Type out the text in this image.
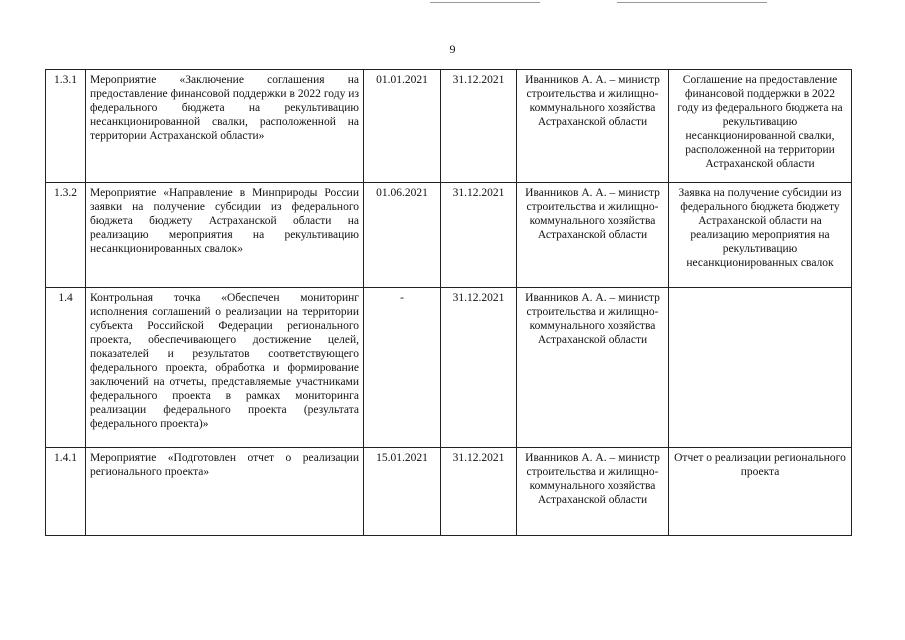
9
1.3.1	Мероприятие «Заключение соглашения на предоставление финансовой поддержки в 2022 году из федерального бюджета на рекультивацию несанкционированной свалки, расположенной на территории Астраханской области»	01.01.2021	31.12.2021	Иванников А. А. – министр строительства и жилищно-коммунального хозяйства Астраханской области	Соглашение на предоставление финансовой поддержки в 2022 году из федерального бюджета на рекультивацию несанкционированной свалки, расположенной на территории Астраханской области
1.3.2	Мероприятие «Направление в Минприроды России заявки на получение субсидии из федерального бюджета бюджету Астраханской области на реализацию мероприятия на рекультивацию несанкционированных свалок»	01.06.2021	31.12.2021	Иванников А. А. – министр строительства и жилищно-коммунального хозяйства Астраханской области	Заявка на получение субсидии из федерального бюджета бюджету Астраханской области на реализацию мероприятия на рекультивацию несанкционированных свалок
1.4	Контрольная точка «Обеспечен мониторинг исполнения соглашений о реализации на территории субъекта Российской Федерации регионального проекта, обеспечивающего достижение целей, показателей и результатов соответствующего федерального проекта, обработка и формирование заключений на отчеты, представляемые участниками федерального проекта в рамках мониторинга реализации федерального проекта (результата федерального проекта)»	-	31.12.2021	Иванников А. А. – министр строительства и жилищно-коммунального хозяйства Астраханской области	
1.4.1	Мероприятие «Подготовлен отчет о реализации регионального проекта»	15.01.2021	31.12.2021	Иванников А. А. – министр строительства и жилищно-коммунального хозяйства Астраханской области	Отчет о реализации регионального проекта
